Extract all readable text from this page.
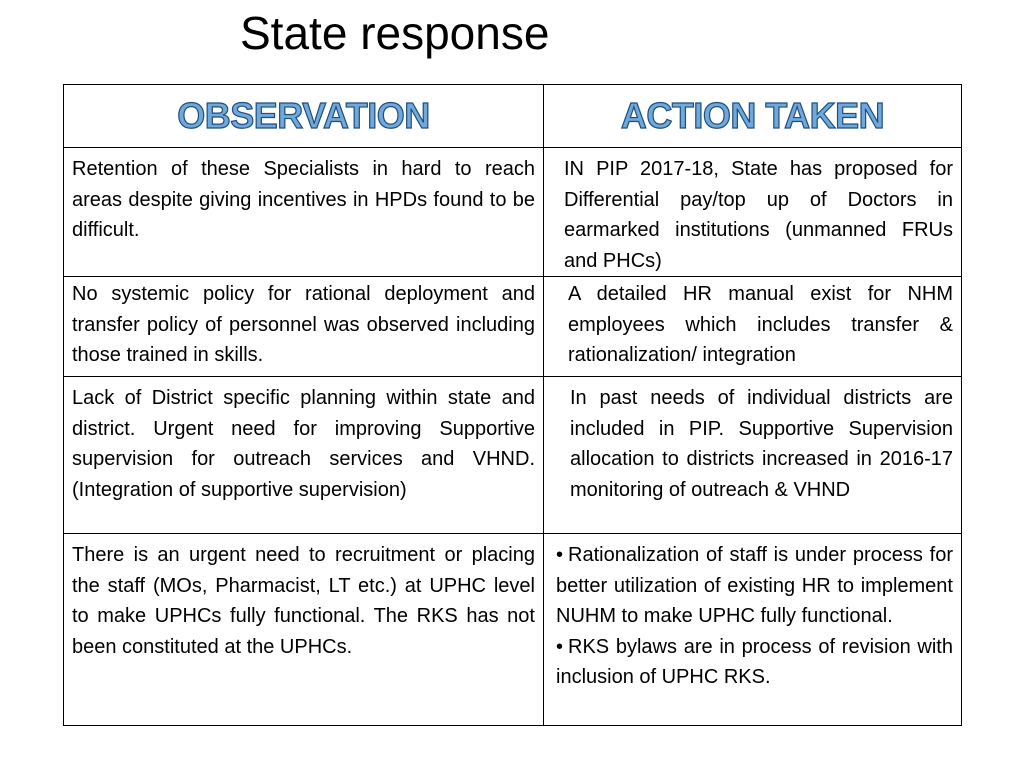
State response
OBSERVATION	ACTION TAKEN
Retention of these Specialists in hard to reach areas despite giving incentives in HPDs found to be difficult.	IN PIP 2017-18, State has proposed for Differential pay/top up of Doctors in earmarked institutions (unmanned FRUs and PHCs)
No systemic policy for rational deployment and transfer policy of personnel was observed including those trained in skills.	A detailed HR manual exist for NHM employees which includes transfer & rationalization/ integration
Lack of District specific planning within state and district. Urgent need for improving Supportive supervision for outreach services and VHND. (Integration of supportive supervision)	In past needs of individual districts are included in PIP. Supportive Supervision allocation to districts increased in 2016-17 monitoring of outreach & VHND
There is an urgent need to recruitment or placing the staff (MOs, Pharmacist, LT etc.) at UPHC level to make UPHCs fully functional. The RKS has not been constituted at the UPHCs.	• Rationalization of staff is under process for better utilization of existing HR to implement NUHM to make UPHC fully functional.
• RKS bylaws are in process of revision with inclusion of UPHC RKS.
